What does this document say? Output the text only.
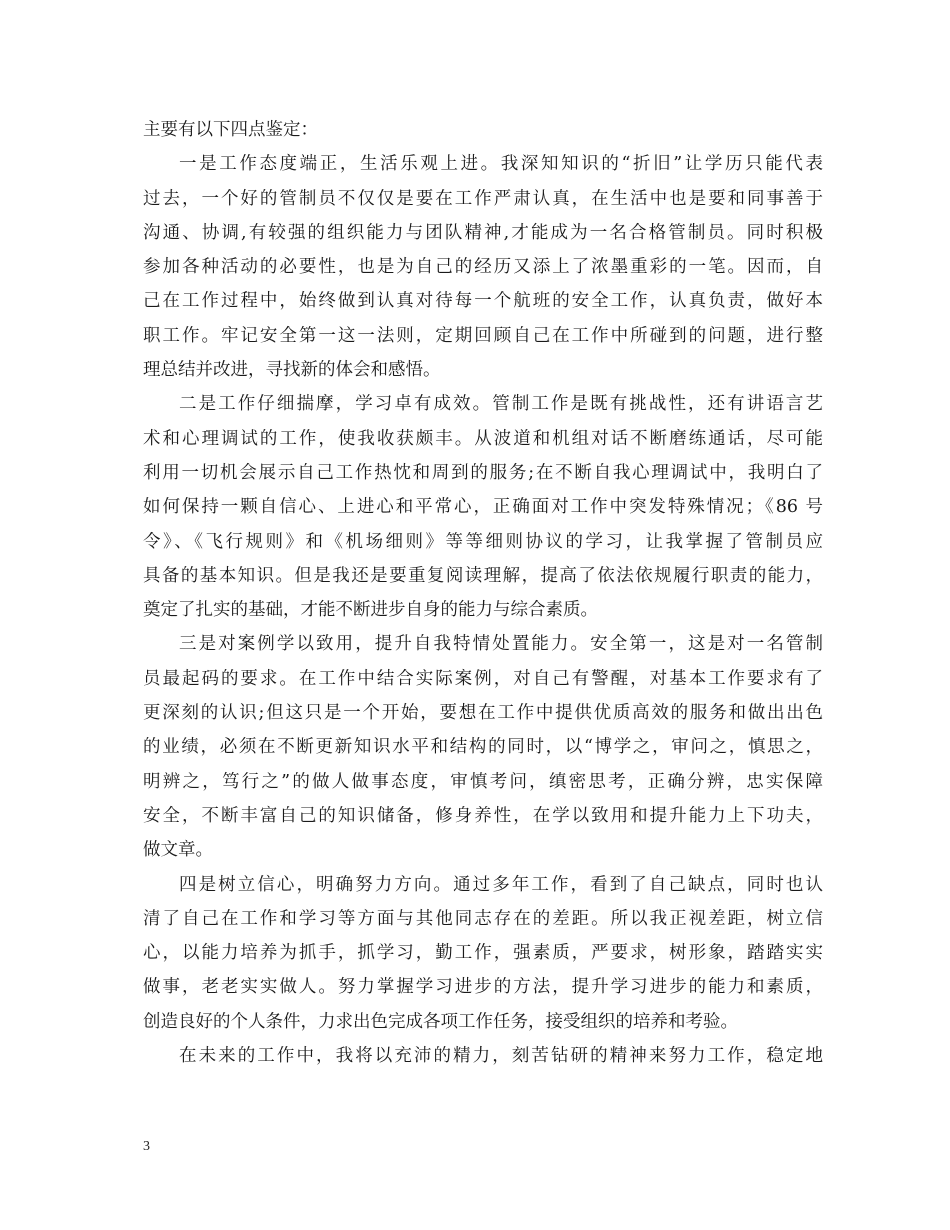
主要有以下四点鉴定：
一是工作态度端正，生活乐观上进。我深知知识的“折旧”让学历只能代表
过去，一个好的管制员不仅仅是要在工作严肃认真，在生活中也是要和同事善于
沟通、协调,有较强的组织能力与团队精神,才能成为一名合格管制员。同时积极
参加各种活动的必要性，也是为自己的经历又添上了浓墨重彩的一笔。因而，自
己在工作过程中，始终做到认真对待每一个航班的安全工作，认真负责，做好本
职工作。牢记安全第一这一法则，定期回顾自己在工作中所碰到的问题，进行整
理总结并改进，寻找新的体会和感悟。
二是工作仔细揣摩，学习卓有成效。管制工作是既有挑战性，还有讲语言艺
术和心理调试的工作，使我收获颇丰。从波道和机组对话不断磨练通话，尽可能
利用一切机会展示自己工作热忱和周到的服务;在不断自我心理调试中，我明白了
如何保持一颗自信心、上进心和平常心，正确面对工作中突发特殊情况；《86 号
令》、《飞行规则》和《机场细则》等等细则协议的学习，让我掌握了管制员应
具备的基本知识。但是我还是要重复阅读理解，提高了依法依规履行职责的能力，
奠定了扎实的基础，才能不断进步自身的能力与综合素质。
三是对案例学以致用，提升自我特情处置能力。安全第一，这是对一名管制
员最起码的要求。在工作中结合实际案例，对自己有警醒，对基本工作要求有了
更深刻的认识;但这只是一个开始，要想在工作中提供优质高效的服务和做出出色
的业绩，必须在不断更新知识水平和结构的同时，以“博学之，审问之，慎思之，
明辨之，笃行之”的做人做事态度，审慎考问，缜密思考，正确分辨，忠实保障
安全，不断丰富自己的知识储备，修身养性，在学以致用和提升能力上下功夫，
做文章。
四是树立信心，明确努力方向。通过多年工作，看到了自己缺点，同时也认
清了自己在工作和学习等方面与其他同志存在的差距。所以我正视差距，树立信
心，以能力培养为抓手，抓学习，勤工作，强素质，严要求，树形象，踏踏实实
做事，老老实实做人。努力掌握学习进步的方法，提升学习进步的能力和素质，
创造良好的个人条件，力求出色完成各项工作任务，接受组织的培养和考验。
在未来的工作中，我将以充沛的精力，刻苦钻研的精神来努力工作，稳定地
3
